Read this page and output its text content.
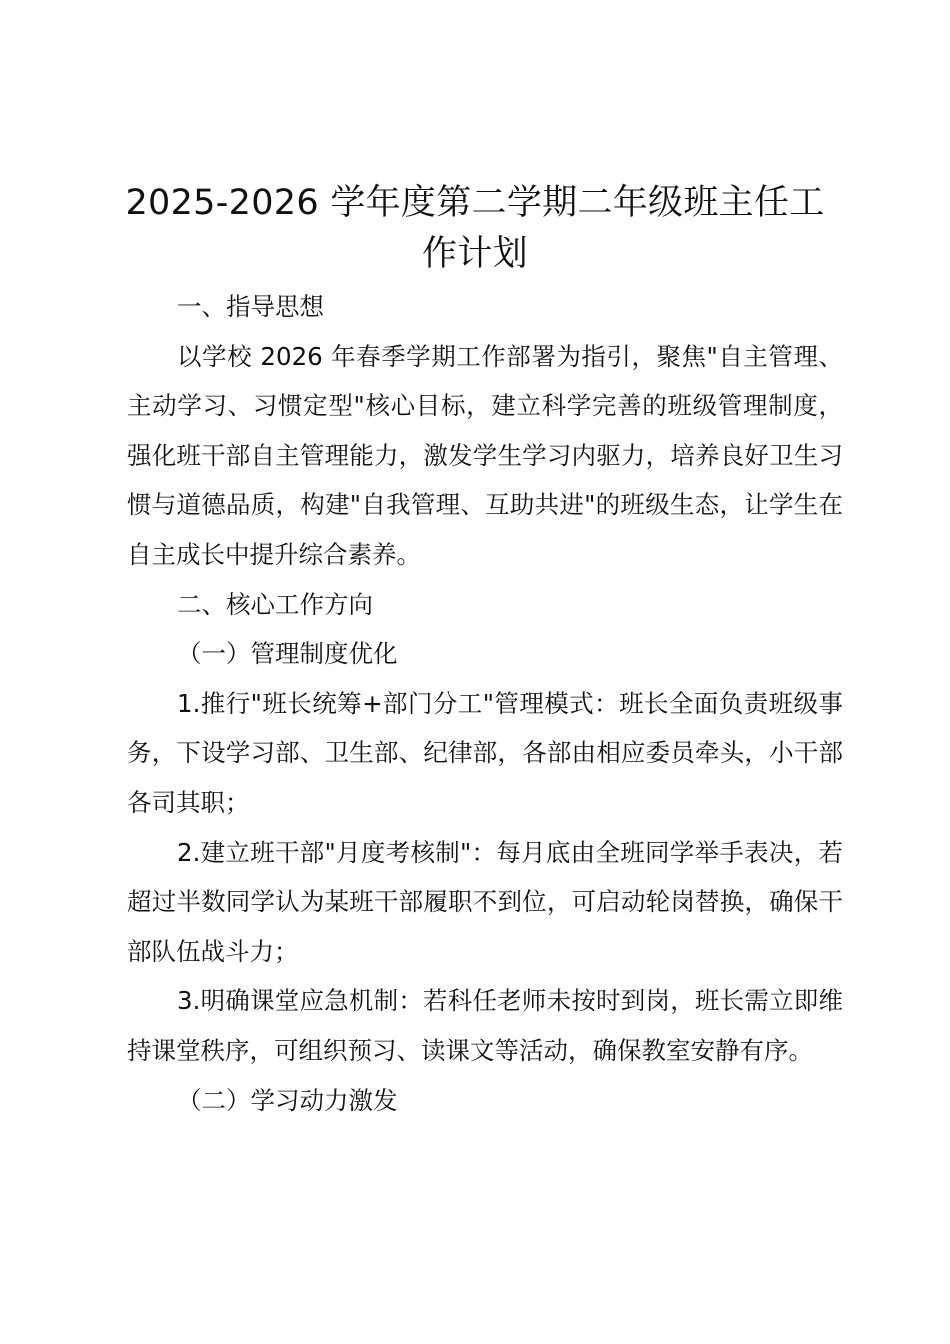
2025-2026 学年度第二学期二年级班主任工
作计划

一、指导思想

以学校 2026 年春季学期工作部署为指引，聚焦"自主管理、主动学习、习惯定型"核心目标，建立科学完善的班级管理制度，强化班干部自主管理能力，激发学生学习内驱力，培养良好卫生习惯与道德品质，构建"自我管理、互助共进"的班级生态，让学生在自主成长中提升综合素养。

二、核心工作方向

（一）管理制度优化

1.推行"班长统筹+部门分工"管理模式：班长全面负责班级事务，下设学习部、卫生部、纪律部，各部由相应委员牵头，小干部各司其职；

2.建立班干部"月度考核制"：每月底由全班同学举手表决，若超过半数同学认为某班干部履职不到位，可启动轮岗替换，确保干部队伍战斗力；

3.明确课堂应急机制：若科任老师未按时到岗，班长需立即维持课堂秩序，可组织预习、读课文等活动，确保教室安静有序。

（二）学习动力激发
